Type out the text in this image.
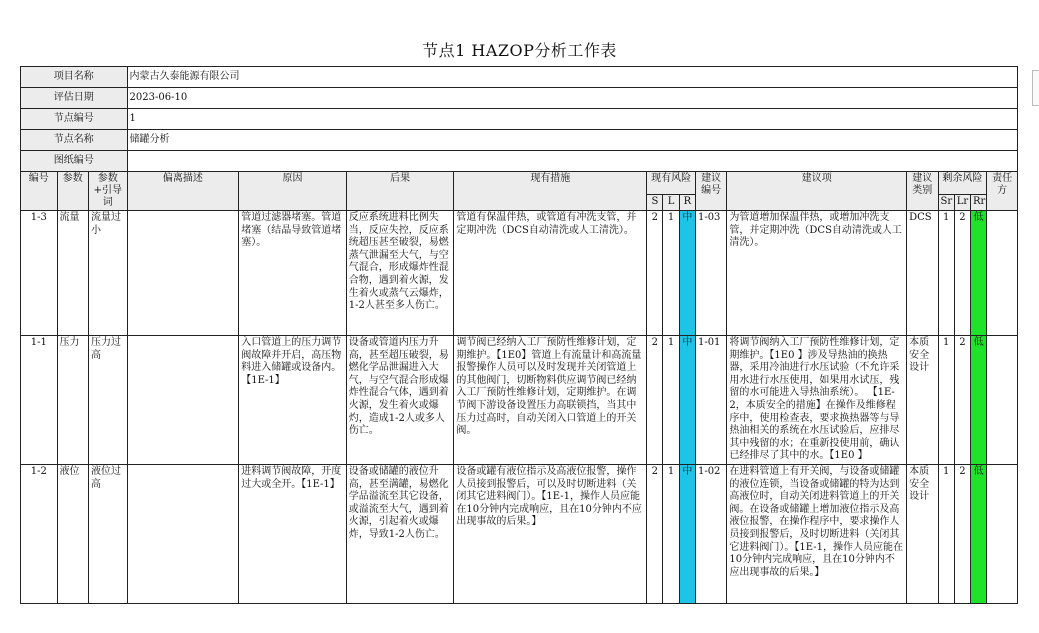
节点1 HAZOP分析工作表
项目名称			内蒙古久泰能源有限公司													
评估日期			2023-06-10													
节点编号			1													
节点名称			储罐分析													
图纸编号																
编号	参数	参数+引导词	偏离描述	原因	后果	现有措施	现有风险			建议编号	建议项	建议类别	剩余风险			责任方
							S	L	R				Sr	Lr	Rr	
1-3	流量	流量过小		管道过滤器堵塞。管道堵塞（结晶导致管道堵塞）。	反应系统进料比例失当，反应失控，反应系统超压甚至破裂，易燃蒸气泄漏至大气，与空气混合，形成爆炸性混合物，遇到着火源，发生着火或蒸气云爆炸，1-2人甚至多人伤亡。	管道有保温伴热，或管道有冲洗支管，并定期冲洗（DCS自动清洗或人工清洗）。	2	1	中	1-03	为管道增加保温伴热，或增加冲洗支管，并定期冲洗（DCS自动清洗或人工清洗）。	DCS	1	2	低	
1-1	压力	压力过高		入口管道上的压力调节阀故障并开启，高压物料进入储罐或设备内。【1E-1】	设备或管道内压力升高，甚至超压破裂，易燃化学品泄漏进入大气，与空气混合形成爆炸性混合气体，遇到着火源，发生着火或爆灼，造成1-2人或多人伤亡。	调节阀已经纳入工厂预防性维修计划，定期维护。【1E0】管道上有流量计和高流量报警操作人员可以及时发现并关闭管道上的其他阀门，切断物料供应调节阀已经纳入工厂预防性维修计划，定期维护。在调节阀下游设备设置压力高联锁挡，当其中压力过高时，自动关闭入口管道上的开关阀。	2	1	中	1-01	将调节阀纳入工厂预防性维修计划，定期维护。【1E0 】涉及导热油的换热器，采用冷油进行水压试验（不允许采用水进行水压使用，如果用水试压，残留的水可能进入导热油系统）。 【1E-2，本质安全的措施】在操作及维修程序中，使用检查表，要求换热器等与导热油相关的系统在水压试验后，应排尽其中残留的水；在重新投使用前，确认已经排尽了其中的水。【1E0 】	本质安全设计	1	2	低	
1-2	液位	液位过高		进料调节阀故障，开度过大或全开。【1E-1】	设备或储罐的液位升高，甚至满罐，易燃化学品溢流至其它设备，或溢流至大气，遇到着火源，引起着火或爆炸，导致1-2人伤亡。	设备或罐有液位指示及高液位报警，操作人员接到报警后，可以及时切断进料（关闭其它进料阀门）。【1E-1，操作人员应能在10分钟内完成响应，且在10分钟内不应出现事故的后果。】	2	1	中	1-02	在进料管道上有开关阀，与设备或储罐的液位连锁，当设备或储罐的特为达到高液位时，自动关闭进料管道上的开关阀。在设备或储罐上增加液位指示及高液位报警，在操作程序中，要求操作人员接到报警后，及时切断进料（关闭其它进料阀门）。【1E-1，操作人员应能在10分钟内完成响应，且在10分钟内不应出现事故的后果。】	本质安全设计	1	2	低	
